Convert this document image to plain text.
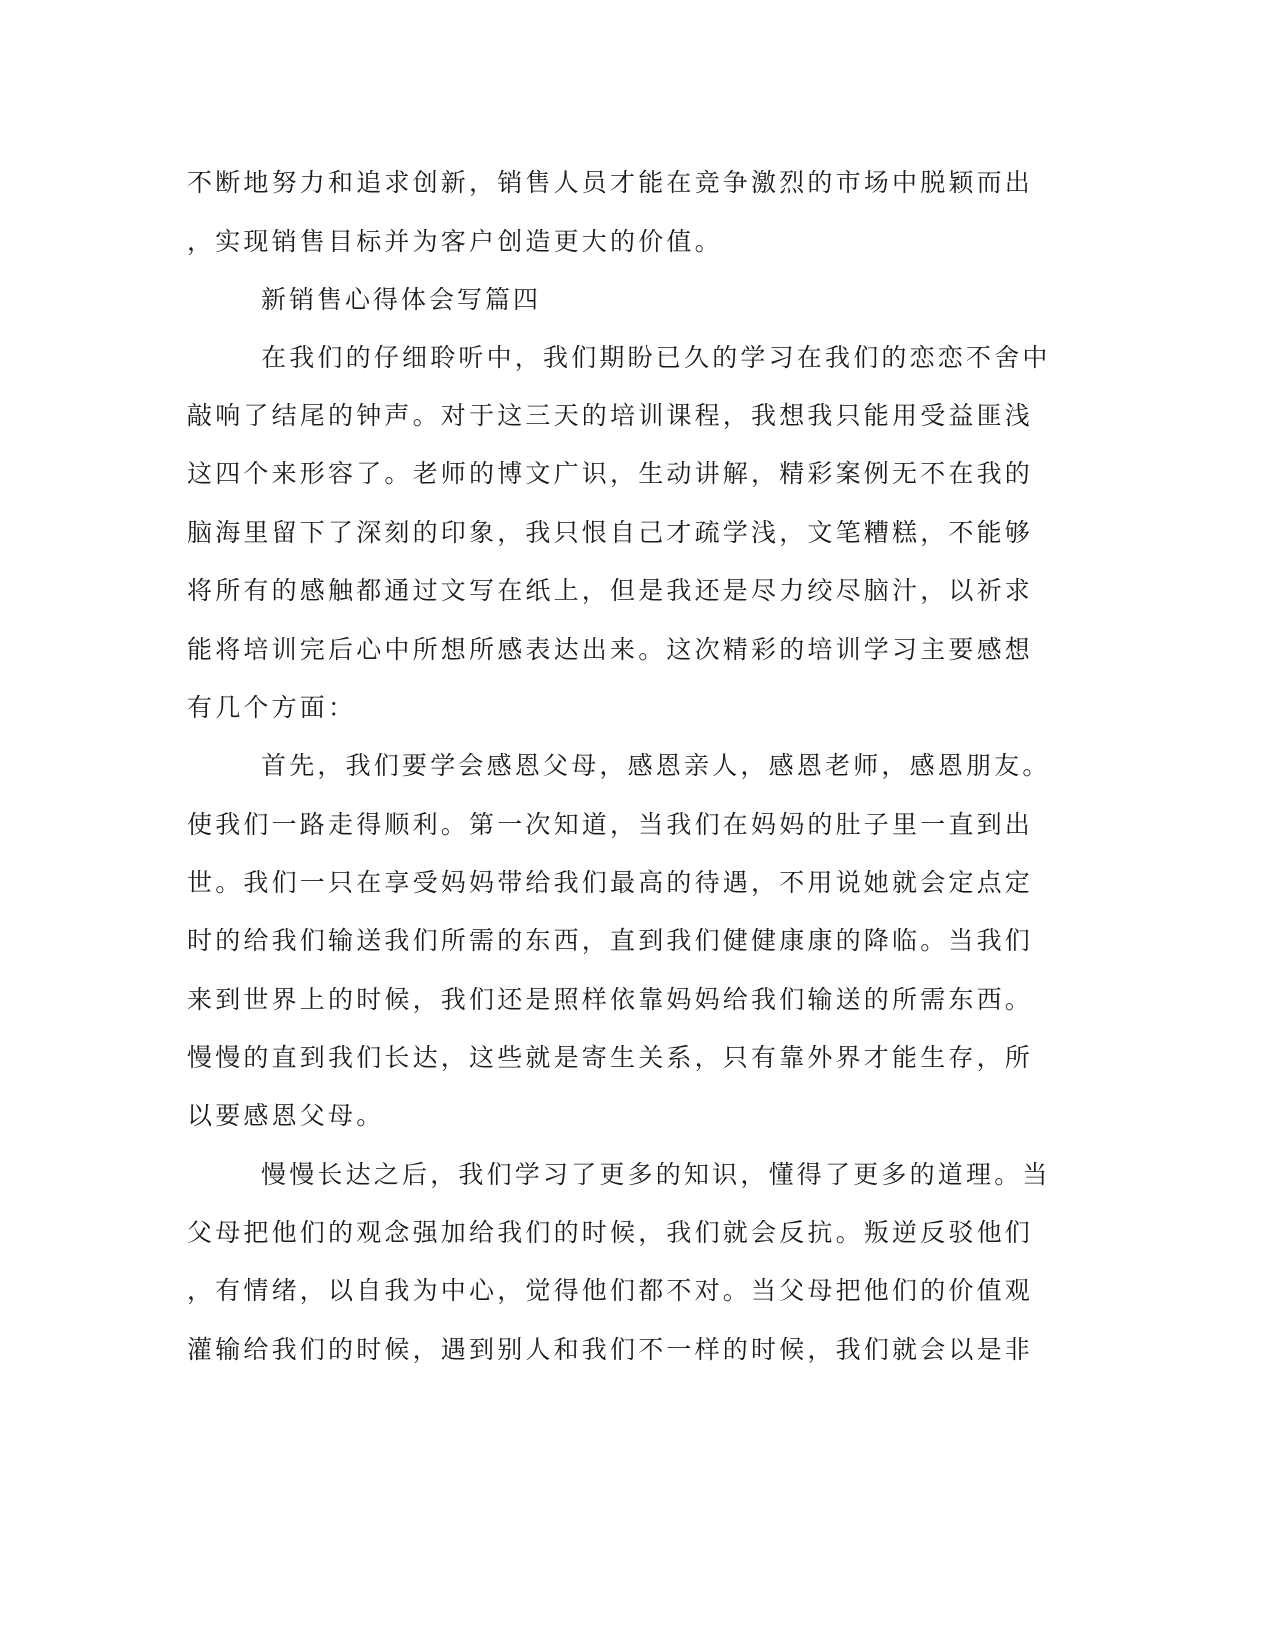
不断地努力和追求创新，销售人员才能在竞争激烈的市场中脱颖而出
，实现销售目标并为客户创造更大的价值。
新销售心得体会写篇四
在我们的仔细聆听中，我们期盼已久的学习在我们的恋恋不舍中
敲响了结尾的钟声。对于这三天的培训课程，我想我只能用受益匪浅
这四个来形容了。老师的博文广识，生动讲解，精彩案例无不在我的
脑海里留下了深刻的印象，我只恨自己才疏学浅，文笔糟糕，不能够
将所有的感触都通过文写在纸上，但是我还是尽力绞尽脑汁，以祈求
能将培训完后心中所想所感表达出来。这次精彩的培训学习主要感想
有几个方面：
首先，我们要学会感恩父母，感恩亲人，感恩老师，感恩朋友。
使我们一路走得顺利。第一次知道，当我们在妈妈的肚子里一直到出
世。我们一只在享受妈妈带给我们最高的待遇，不用说她就会定点定
时的给我们输送我们所需的东西，直到我们健健康康的降临。当我们
来到世界上的时候，我们还是照样依靠妈妈给我们输送的所需东西。
慢慢的直到我们长达，这些就是寄生关系，只有靠外界才能生存，所
以要感恩父母。
慢慢长达之后，我们学习了更多的知识，懂得了更多的道理。当
父母把他们的观念强加给我们的时候，我们就会反抗。叛逆反驳他们
，有情绪，以自我为中心，觉得他们都不对。当父母把他们的价值观
灌输给我们的时候，遇到别人和我们不一样的时候，我们就会以是非
